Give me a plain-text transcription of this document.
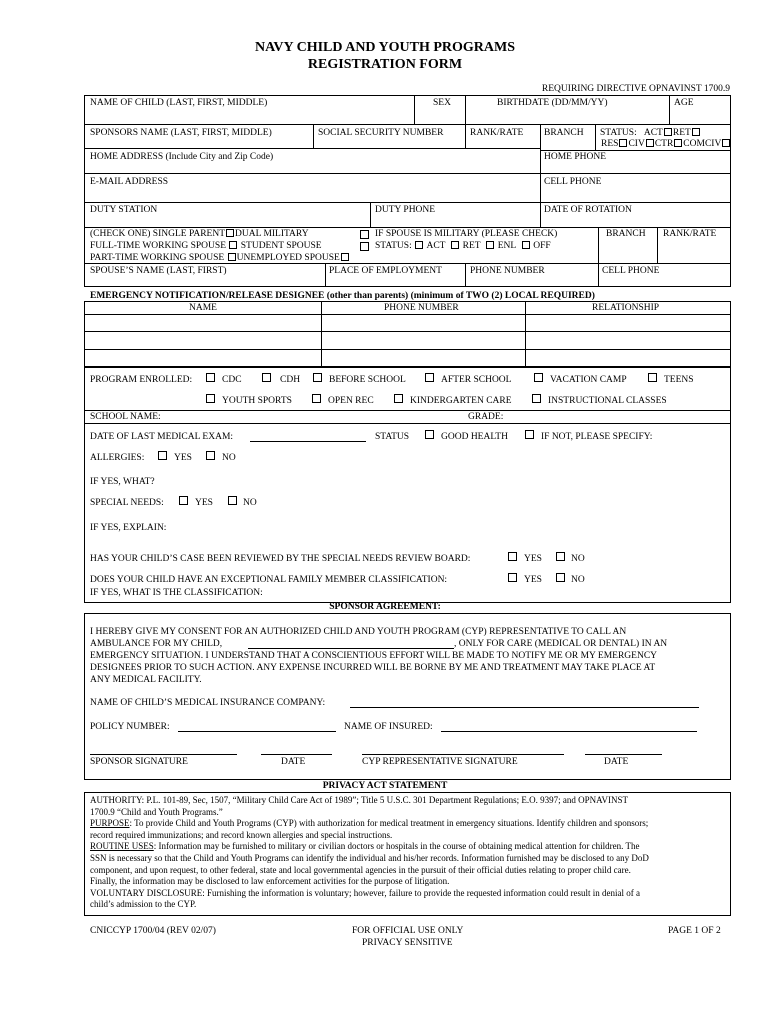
NAVY CHILD AND YOUTH PROGRAMS
REGISTRATION FORM
REQUIRING DIRECTIVE OPNAVINST 1700.9
NAME OF CHILD (LAST, FIRST, MIDDLE)	SEX	BIRTHDATE (DD/MM/YY)	AGE
SPONSORS NAME (LAST, FIRST, MIDDLE)	SOCIAL SECURITY NUMBER	RANK/RATE BRANCH STATUS: ACT RET
RES CIV CTR COMCIV
HOME ADDRESS (Include City and Zip Code)	HOME PHONE
E-MAIL ADDRESS	CELL PHONE
DUTY STATION	DUTY PHONE	DATE OF ROTATION
(CHECK ONE) SINGLE PARENT DUAL MILITARY	IF SPOUSE IS MILITARY (PLEASE CHECK)	BRANCH RANK/RATE
FULL-TIME WORKING SPOUSE STUDENT SPOUSE	STATUS: ACT RET ENL OFF
PART-TIME WORKING SPOUSE UNEMPLOYED SPOUSE
SPOUSE’S NAME (LAST, FIRST)	PLACE OF EMPLOYMENT	PHONE NUMBER	CELL PHONE
EMERGENCY NOTIFICATION/RELEASE DESIGNEE (other than parents) (minimum of TWO (2) LOCAL REQUIRED)
NAME	PHONE NUMBER	RELATIONSHIP
PROGRAM ENROLLED:	CDC	CDH	BEFORE SCHOOL	AFTER SCHOOL	VACATION CAMP	TEENS
YOUTH SPORTS	OPEN REC	KINDERGARTEN CARE	INSTRUCTIONAL CLASSES
SCHOOL NAME:	GRADE:
DATE OF LAST MEDICAL EXAM:	STATUS	GOOD HEALTH	IF NOT, PLEASE SPECIFY:
ALLERGIES:	YES	NO
IF YES, WHAT?
SPECIAL NEEDS:	YES	NO
IF YES, EXPLAIN:
HAS YOUR CHILD’S CASE BEEN REVIEWED BY THE SPECIAL NEEDS REVIEW BOARD:	YES	NO
DOES YOUR CHILD HAVE AN EXCEPTIONAL FAMILY MEMBER CLASSIFICATION:	YES	NO
IF YES, WHAT IS THE CLASSIFICATION:
SPONSOR AGREEMENT:
I HEREBY GIVE MY CONSENT FOR AN AUTHORIZED CHILD AND YOUTH PROGRAM (CYP) REPRESENTATIVE TO CALL AN
AMBULANCE FOR MY CHILD,	, ONLY FOR CARE (MEDICAL OR DENTAL) IN AN
EMERGENCY SITUATION. I UNDERSTAND THAT A CONSCIENTIOUS EFFORT WILL BE MADE TO NOTIFY ME OR MY EMERGENCY
DESIGNEES PRIOR TO SUCH ACTION. ANY EXPENSE INCURRED WILL BE BORNE BY ME AND TREATMENT MAY TAKE PLACE AT
ANY MEDICAL FACILITY.
NAME OF CHILD’S MEDICAL INSURANCE COMPANY:
POLICY NUMBER:	NAME OF INSURED:
SPONSOR SIGNATURE	DATE	CYP REPRESENTATIVE SIGNATURE	DATE
PRIVACY ACT STATEMENT
AUTHORITY: P.L. 101-89, Sec, 1507, “Military Child Care Act of 1989”; Title 5 U.S.C. 301 Department Regulations; E.O. 9397; and OPNAVINST
1700.9 “Child and Youth Programs.”
PURPOSE: To provide Child and Youth Programs (CYP) with authorization for medical treatment in emergency situations. Identify children and sponsors;
record required immunizations; and record known allergies and special instructions.
ROUTINE USES: Information may be furnished to military or civilian doctors or hospitals in the course of obtaining medical attention for children. The
SSN is necessary so that the Child and Youth Programs can identify the individual and his/her records. Information furnished may be disclosed to any DoD
component, and upon request, to other federal, state and local governmental agencies in the pursuit of their official duties relating to proper child care.
Finally, the information may be disclosed to law enforcement activities for the purpose of litigation.
VOLUNTARY DISCLOSURE: Furnishing the information is voluntary; however, failure to provide the requested information could result in denial of a
child’s admission to the CYP.
CNICCYP 1700/04 (REV 02/07)	FOR OFFICIAL USE ONLY
PRIVACY SENSITIVE
PAGE 1 OF 2
